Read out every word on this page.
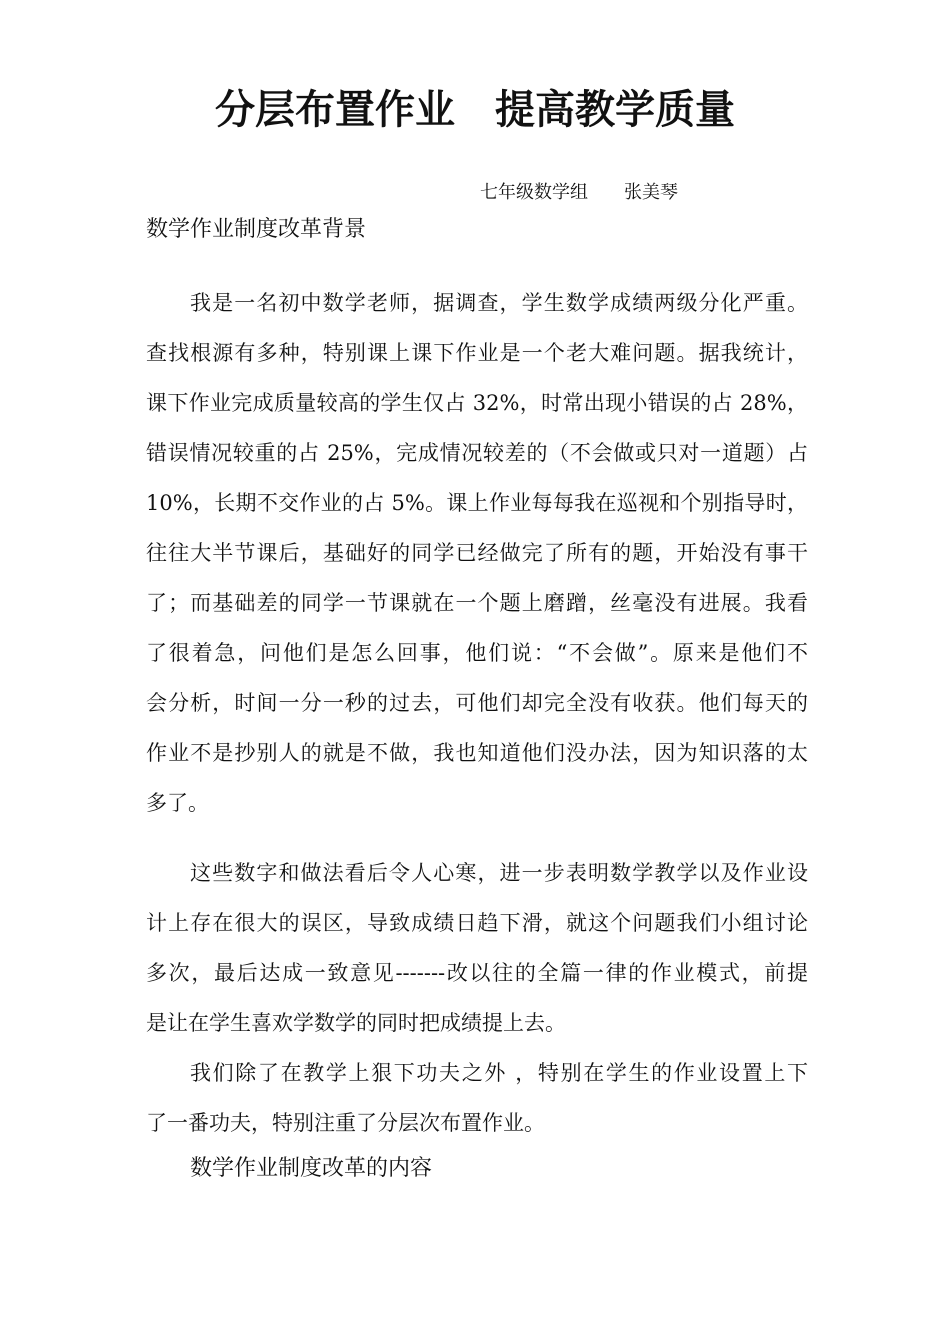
分层布置作业　提高教学质量
七年级数学组　　张美琴
数学作业制度改革背景
我是一名初中数学老师，据调查，学生数学成绩两级分化严重。
查找根源有多种，特别课上课下作业是一个老大难问题。据我统计，
课下作业完成质量较高的学生仅占 32%，时常出现小错误的占 28%，
错误情况较重的占 25%，完成情况较差的（不会做或只对一道题）占
10%，长期不交作业的占 5%。课上作业每每我在巡视和个别指导时，
往往大半节课后，基础好的同学已经做完了所有的题，开始没有事干
了；而基础差的同学一节课就在一个题上磨蹭，丝毫没有进展。我看
了很着急，问他们是怎么回事，他们说：“不会做”。原来是他们不
会分析，时间一分一秒的过去，可他们却完全没有收获。他们每天的
作业不是抄别人的就是不做，我也知道他们没办法，因为知识落的太
多了。
这些数字和做法看后令人心寒，进一步表明数学教学以及作业设
计上存在很大的误区，导致成绩日趋下滑，就这个问题我们小组讨论
多次，最后达成一致意见-------改以往的全篇一律的作业模式，前提
是让在学生喜欢学数学的同时把成绩提上去。
我们除了在教学上狠下功夫之外 ，特别在学生的作业设置上下
了一番功夫，特别注重了分层次布置作业。
数学作业制度改革的内容
